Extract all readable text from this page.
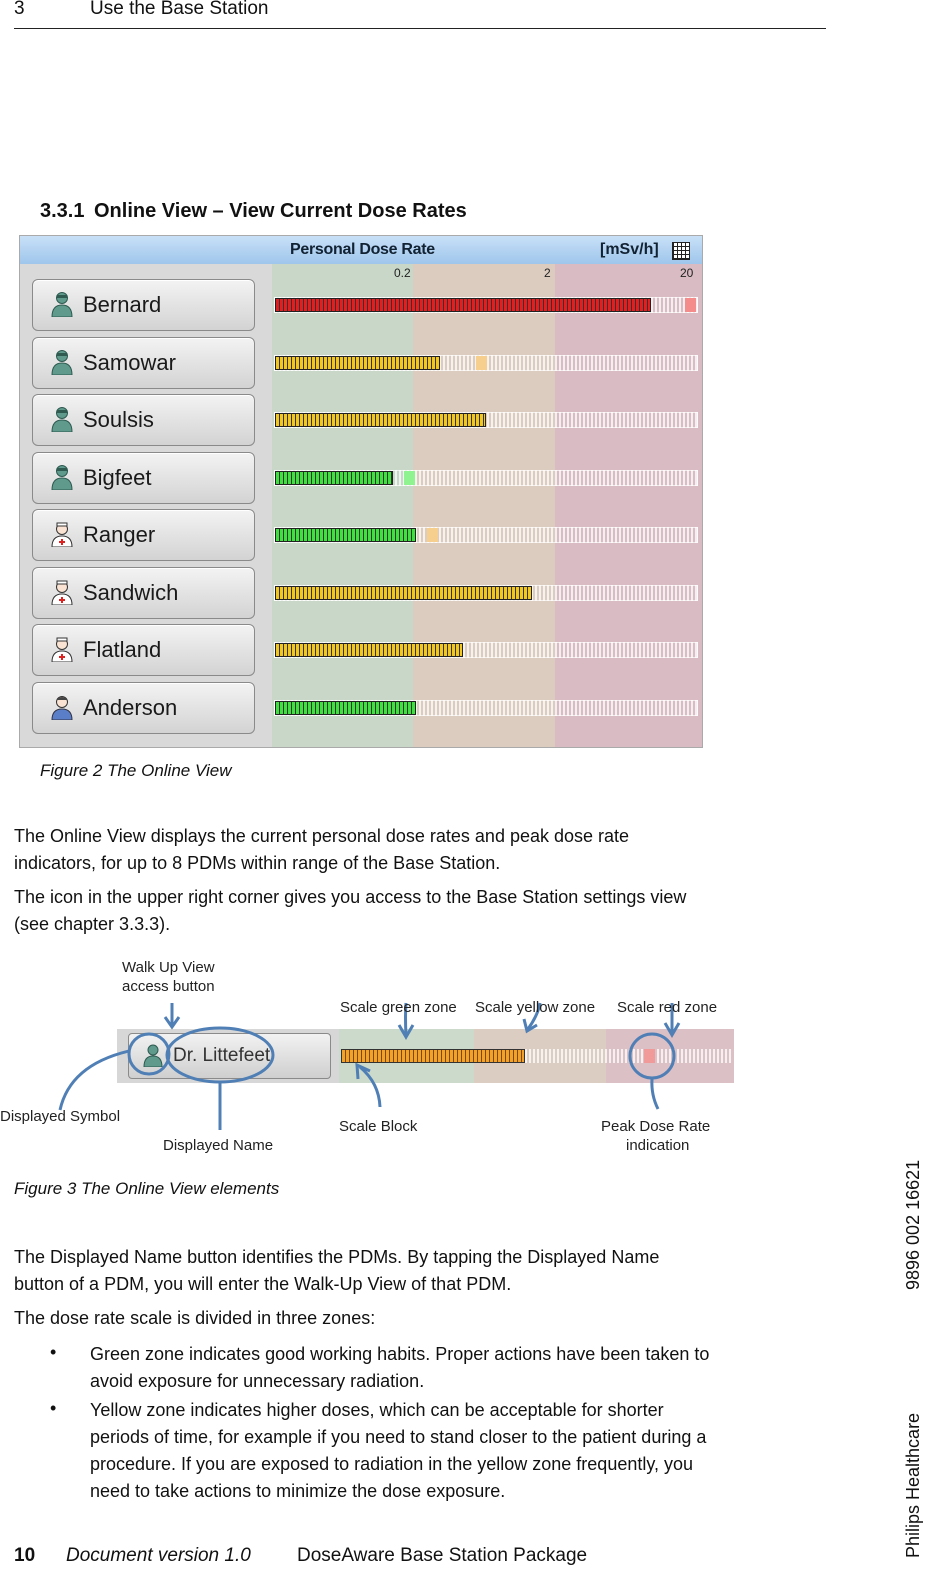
3	Use the Base Station
3.3.1 Online View – View Current Dose Rates
Personal Dose Rate	[mSv/h]
0.2	2	20
Bernard
Samowar
Soulsis
Bigfeet
Ranger
Sandwich
Flatland
Anderson
Figure 2 The Online View
The Online View displays the current personal dose rates and peak dose rate
indicators, for up to 8 PDMs within range of the Base Station.
The icon in the upper right corner gives you access to the Base Station settings view
(see chapter 3.3.3).
Dr. Littefeet
Walk Up View
access button
Scale green zone Scale yellow zone Scale red zone
Displayed Symbol
Displayed Name
Scale Block	Peak Dose Rate
indication
Figure 3 The Online View elements
The Displayed Name button identifies the PDMs. By tapping the Displayed Name
button of a PDM, you will enter the Walk-Up View of that PDM.
The dose rate scale is divided in three zones:
• Green zone indicates good working habits. Proper actions have been taken to
avoid exposure for unnecessary radiation.
• Yellow zone indicates higher doses, which can be acceptable for shorter
periods of time, for example if you need to stand closer to the patient during a
procedure. If you are exposed to radiation in the yellow zone frequently, you
need to take actions to minimize the dose exposure.
10 Document version 1.0 DoseAware Base Station Package	Philips Healthcare
9896 002 16621
